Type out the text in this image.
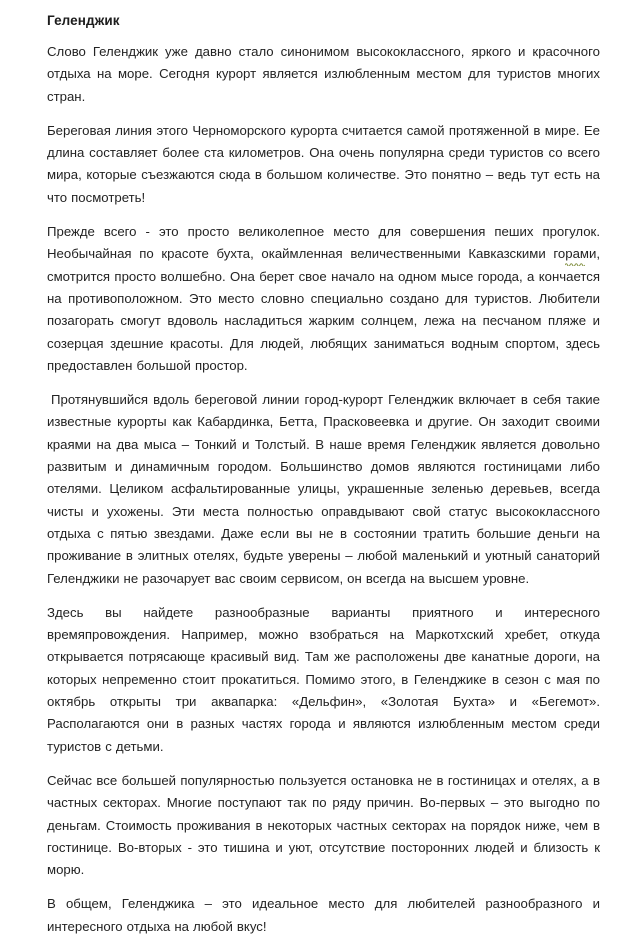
Геленджик

Слово Геленджик уже давно стало синонимом высококлассного, яркого и красочного отдыха на море. Сегодня курорт является излюбленным местом для туристов многих стран.

Береговая линия этого Черноморского курорта считается самой протяженной в мире. Ее длина составляет более ста километров. Она очень популярна среди туристов со всего мира, которые съезжаются сюда в большом количестве. Это понятно – ведь тут есть на что посмотреть!

Прежде всего - это просто великолепное место для совершения пеших прогулок. Необычайная по красоте бухта, окаймленная величественными Кавказскими горами, смотрится просто волшебно. Она берет свое начало на одном мысе города, а кончается на противоположном. Это место словно специально создано для туристов. Любители позагорать смогут вдоволь насладиться жарким солнцем, лежа на песчаном пляже и созерцая здешние красоты. Для людей, любящих заниматься водным спортом, здесь предоставлен большой простор.

Протянувшийся вдоль береговой линии город-курорт Геленджик включает в себя такие известные курорты как Кабардинка, Бетта, Прасковеевка и другие. Он заходит своими краями на два мыса – Тонкий и Толстый. В наше время Геленджик является довольно развитым и динамичным городом. Большинство домов являются гостиницами либо отелями. Целиком асфальтированные улицы, украшенные зеленью деревьев, всегда чисты и ухожены. Эти места полностью оправдывают свой статус высококлассного отдыха с пятью звездами. Даже если вы не в состоянии тратить большие деньги на проживание в элитных отелях, будьте уверены – любой маленький и уютный санаторий Геленджики не разочарует вас своим сервисом, он всегда на высшем уровне.

Здесь вы найдете разнообразные варианты приятного и интересного времяпровождения. Например, можно взобраться на Маркотхский хребет, откуда открывается потрясающе красивый вид. Там же расположены две канатные дороги, на которых непременно стоит прокатиться. Помимо этого, в Геленджике в сезон с мая по октябрь открыты три аквапарка: «Дельфин», «Золотая Бухта» и «Бегемот». Располагаются они в разных частях города и являются излюбленным местом среди туристов с детьми.

Сейчас все большей популярностью пользуется остановка не в гостиницах и отелях, а в частных секторах. Многие поступают так по ряду причин. Во-первых – это выгодно по деньгам. Стоимость проживания в некоторых частных секторах на порядок ниже, чем в гостинице. Во-вторых - это тишина и уют, отсутствие посторонних людей и близость к морю.

В общем, Геленджика – это идеальное место для любителей разнообразного и интересного отдыха на любой вкус!
